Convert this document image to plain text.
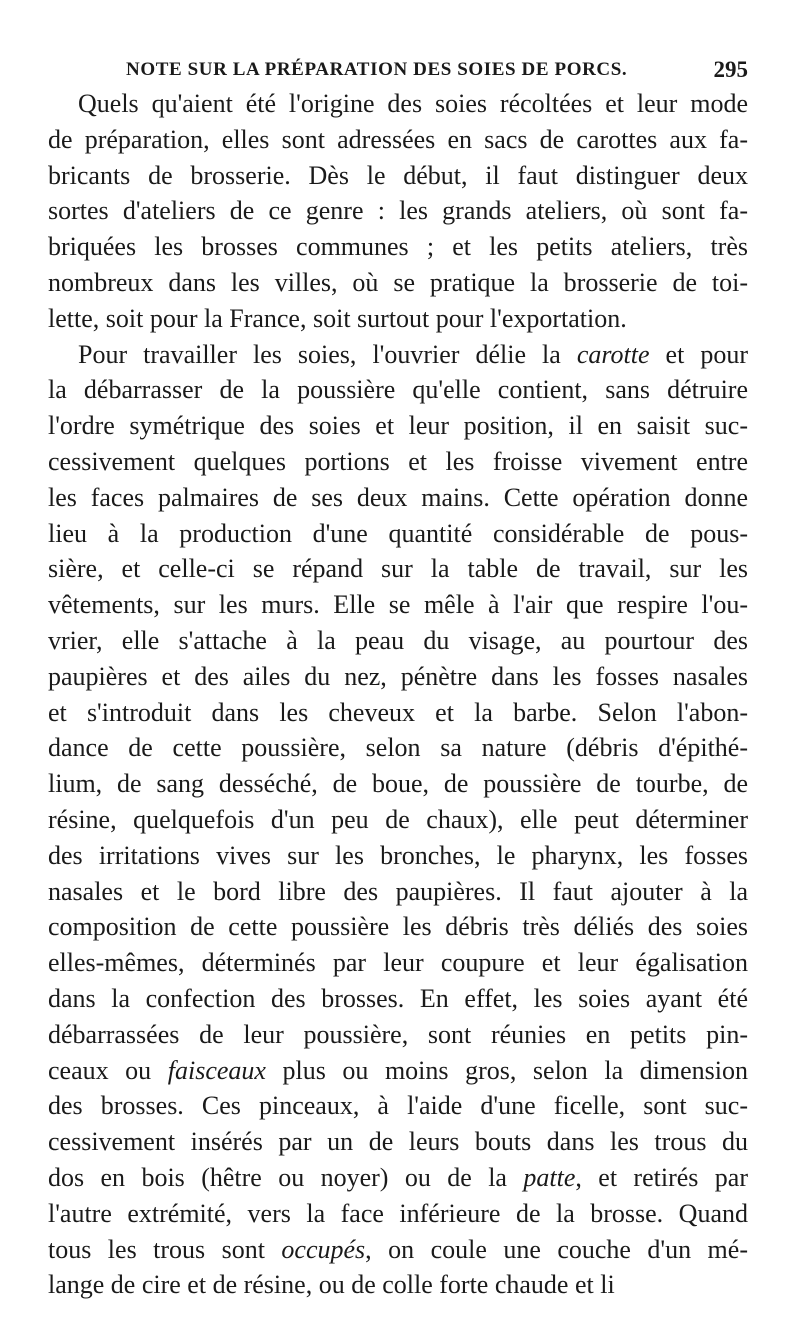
NOTE SUR LA PRÉPARATION DES SOIES DE PORCS.	295
Quels qu'aient été l'origine des soies récoltées et leur mode
de préparation, elles sont adressées en sacs de carottes aux fa-
bricants de brosserie. Dès le début, il faut distinguer deux
sortes d'ateliers de ce genre : les grands ateliers, où sont fa-
briquées les brosses communes ; et les petits ateliers, très
nombreux dans les villes, où se pratique la brosserie de toi-
lette, soit pour la France, soit surtout pour l'exportation.
Pour travailler les soies, l'ouvrier délie la carotte et pour
la débarrasser de la poussière qu'elle contient, sans détruire
l'ordre symétrique des soies et leur position, il en saisit suc-
cessivement quelques portions et les froisse vivement entre
les faces palmaires de ses deux mains. Cette opération donne
lieu à la production d'une quantité considérable de pous-
sière, et celle-ci se répand sur la table de travail, sur les
vêtements, sur les murs. Elle se mêle à l'air que respire l'ou-
vrier, elle s'attache à la peau du visage, au pourtour des
paupières et des ailes du nez, pénètre dans les fosses nasales
et s'introduit dans les cheveux et la barbe. Selon l'abon-
dance de cette poussière, selon sa nature (débris d'épithé-
lium, de sang desséché, de boue, de poussière de tourbe, de
résine, quelquefois d'un peu de chaux), elle peut déterminer
des irritations vives sur les bronches, le pharynx, les fosses
nasales et le bord libre des paupières. Il faut ajouter à la
composition de cette poussière les débris très déliés des soies
elles-mêmes, déterminés par leur coupure et leur égalisation
dans la confection des brosses. En effet, les soies ayant été
débarrassées de leur poussière, sont réunies en petits pin-
ceaux ou faisceaux plus ou moins gros, selon la dimension
des brosses. Ces pinceaux, à l'aide d'une ficelle, sont suc-
cessivement insérés par un de leurs bouts dans les trous du
dos en bois (hêtre ou noyer) ou de la patte, et retirés par
l'autre extrémité, vers la face inférieure de la brosse. Quand
tous les trous sont occupés, on coule une couche d'un mé-
lange de cire et de résine, ou de colle forte chaude et li
